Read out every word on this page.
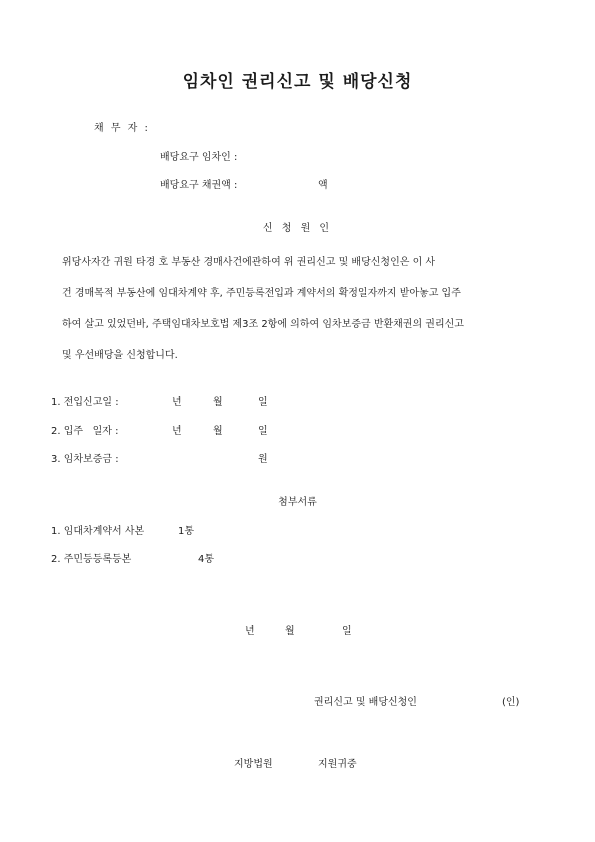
임차인 권리신고 및 배당신청
채 무 자 :
배당요구 임차인 :
배당요구 채권액 :	액
신 청 원 인
위당사자간 귀원 타경 호 부동산 경매사건에관하여 위 권리신고 및 배당신청인은 이 사
건 경매목적 부동산에 임대차계약 후, 주민등록전입과 계약서의 확정일자까지 받아놓고 입주
하여 살고 있었던바, 주택임대차보호법 제3조 2항에 의하여 임차보증금 반환채권의 권리신고
및 우선배당을 신청합니다.
1. 전입신고일 :	년	월	일
2. 입주   일자 :	년	월	일
3. 임차보증금 :	원
첨부서류
1. 임대차계약서 사본	1통
2. 주민등등록등본	4통
년	월	일
권리신고 및 배당신청인	(인)
지방법원	지원귀중
